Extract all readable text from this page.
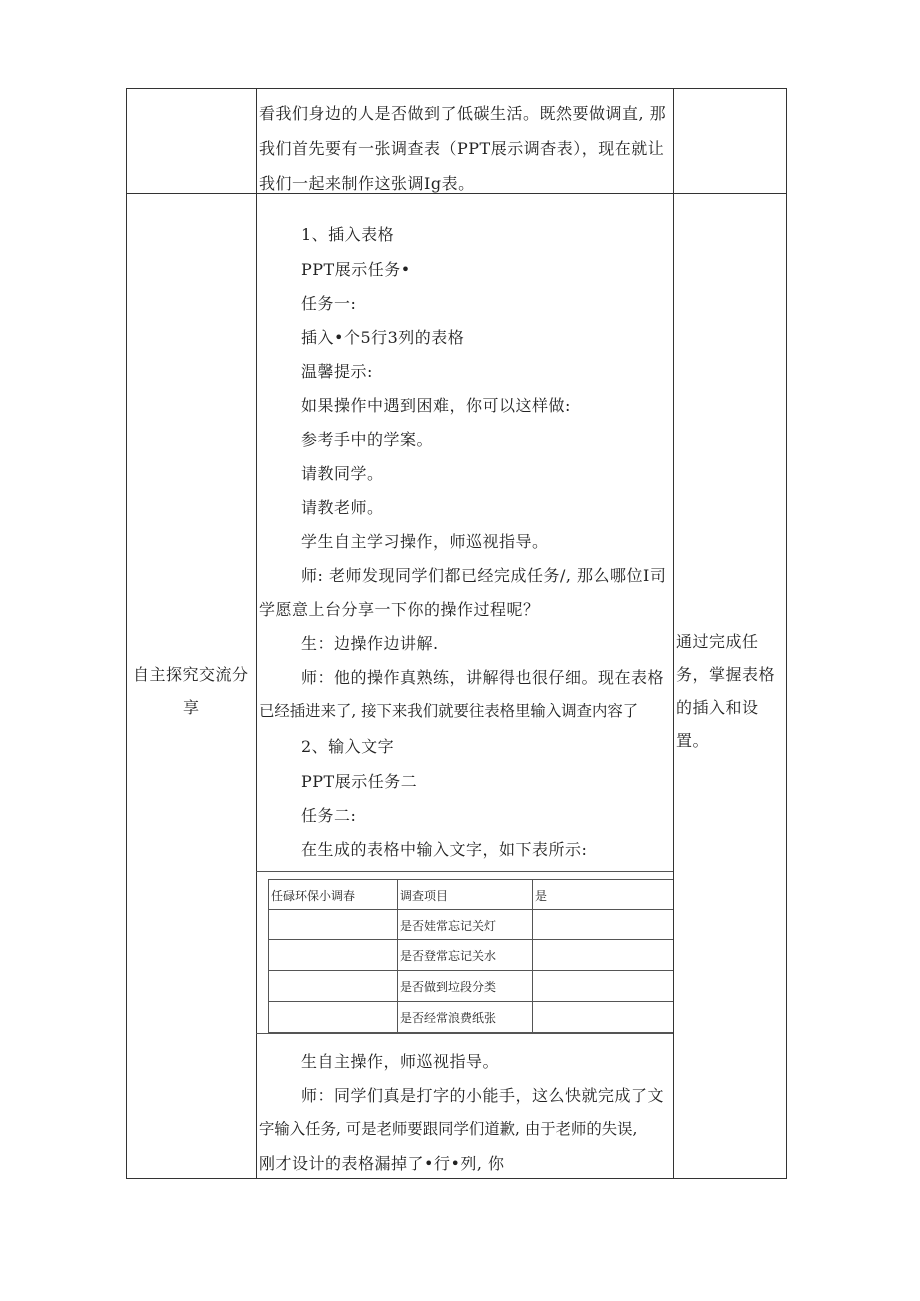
看我们身边的人是否做到了低碳生活。既然要做调直, 那
我们首先要有一张调查表（PPT展示调杳表），现在就让
我们一起来制作这张调Ig表。
自主探究交流分
享
通过完成任
务，掌握表格
的插入和设
置。
1、插入表格
PPT展示任务•
任务一:
插入•个5行3列的表格
温馨提示:
如果操作中遇到困难，你可以这样做:
参考手中的学案。
请教同学。
请教老师。
学生自主学习操作，师巡视指导。
师: 老师发现同学们都已经完成任务/, 那么哪位I司
学愿意上台分享一下你的操作过程呢？
生：边操作边讲解.
师：他的操作真熟练，讲解得也很仔细。现在表格
已经插进来了, 接下来我们就要往表格里输入调查内容了
2、输入文字
PPT展示任务二
任务二:
在生成的表格中输入文字，如下表所示:
任碌环保小调春	调查项目	是
是否娃常忘记关灯
是否登常忘记关水
是否做到垃段分类
是否经常浪费纸张
生自主操作，师巡视指导。
师：同学们真是打字的小能手，这么快就完成了文
字输入任务, 可是老师要跟同学们道歉, 由于老师的失误,
刚才设计的表格漏掉了•行•列, 你
